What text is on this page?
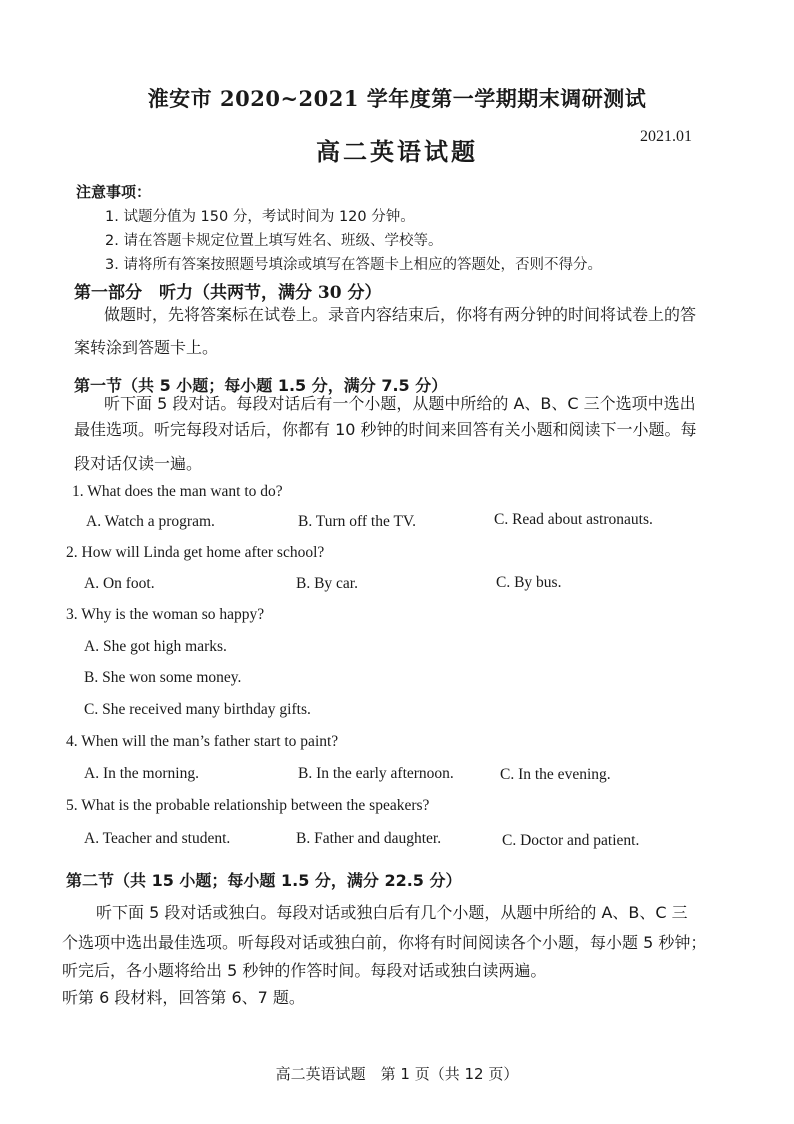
淮安市 2020~2021 学年度第一学期期末调研测试
高二英语试题
2021.01
注意事项：
1. 试题分值为 150 分，考试时间为 120 分钟。
2. 请在答题卡规定位置上填写姓名、班级、学校等。
3. 请将所有答案按照题号填涂或填写在答题卡上相应的答题处，否则不得分。
第一部分　听力（共两节，满分 30 分）
做题时，先将答案标在试卷上。录音内容结束后，你将有两分钟的时间将试卷上的答
案转涂到答题卡上。
第一节（共 5 小题；每小题 1.5 分，满分 7.5 分）
听下面 5 段对话。每段对话后有一个小题，从题中所给的 A、B、C 三个选项中选出
最佳选项。听完每段对话后，你都有 10 秒钟的时间来回答有关小题和阅读下一小题。每
段对话仅读一遍。
1. What does the man want to do?
A. Watch a program.	B. Turn off the TV.	C. Read about astronauts.
2. How will Linda get home after school?
A. On foot.	B. By car.	C. By bus.
3. Why is the woman so happy?
A. She got high marks.
B. She won some money.
C. She received many birthday gifts.
4. When will the man’s father start to paint?
A. In the morning.	B. In the early afternoon.	C. In the evening.
5. What is the probable relationship between the speakers?
A. Teacher and student.	B. Father and daughter.	C. Doctor and patient.
第二节（共 15 小题；每小题 1.5 分，满分 22.5 分）
听下面 5 段对话或独白。每段对话或独白后有几个小题，从题中所给的 A、B、C 三
个选项中选出最佳选项。听每段对话或独白前，你将有时间阅读各个小题，每小题 5 秒钟；
听完后，各小题将给出 5 秒钟的作答时间。每段对话或独白读两遍。
听第 6 段材料，回答第 6、7 题。
高二英语试题　第 1 页（共 12 页）
